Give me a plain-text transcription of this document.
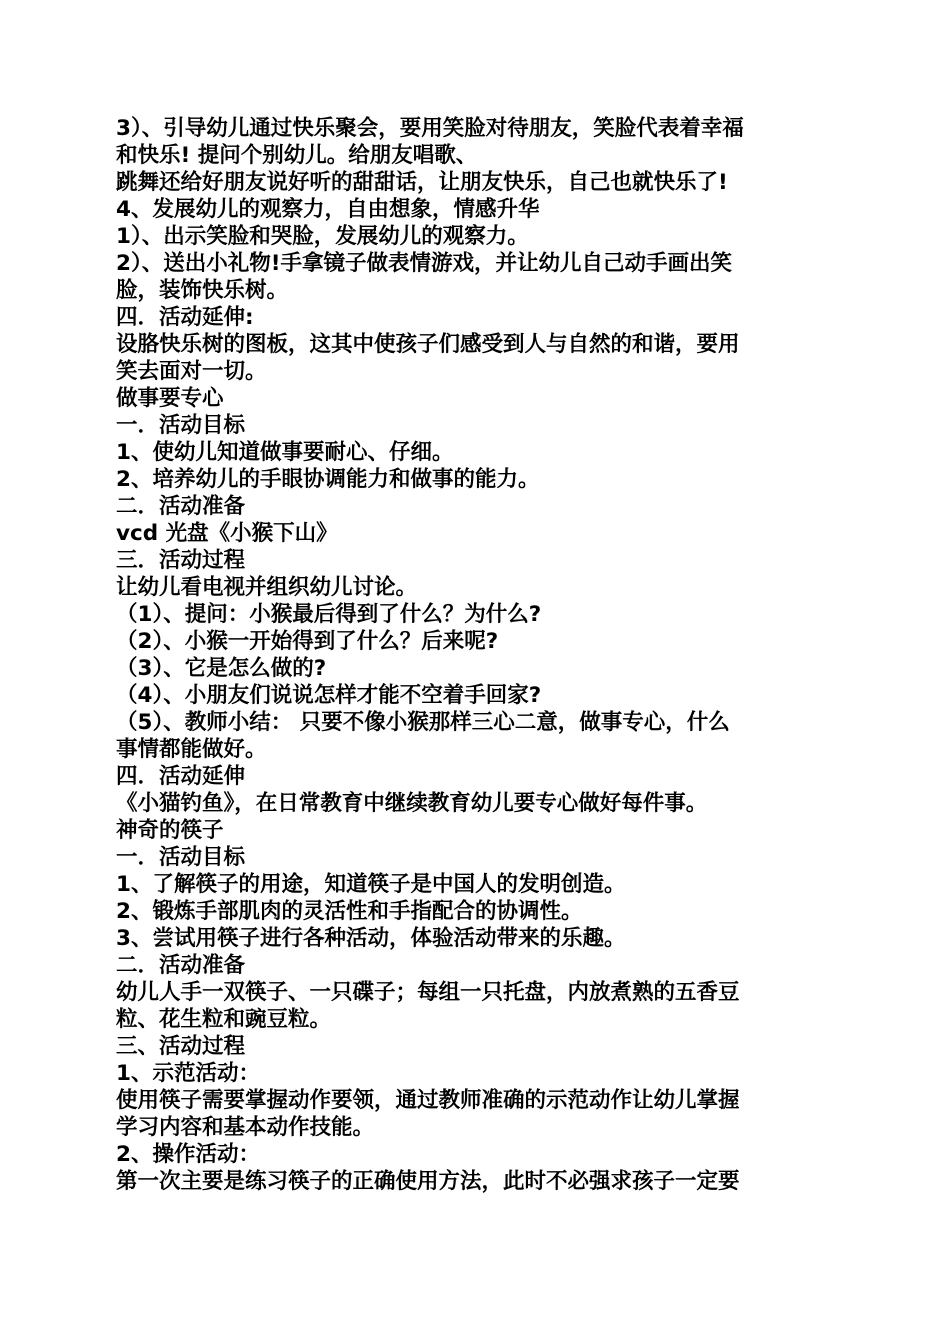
3）、引导幼儿通过快乐聚会，要用笑脸对待朋友，笑脸代表着幸福
和快乐! 提问个别幼儿。给朋友唱歌、
跳舞还给好朋友说好听的甜甜话，让朋友快乐，自己也就快乐了!
4、发展幼儿的观察力，自由想象，情感升华
1）、出示笑脸和哭脸，发展幼儿的观察力。
2）、送出小礼物!手拿镜子做表情游戏，并让幼儿自己动手画出笑
脸，装饰快乐树。
四．活动延伸:
设胳快乐树的图板，这其中使孩子们感受到人与自然的和谐，要用
笑去面对一切。
做事要专心
一．活动目标
1、使幼儿知道做事要耐心、仔细。
2、培养幼儿的手眼协调能力和做事的能力。
二．活动准备
vcd 光盘《小猴下山》
三．活动过程
让幼儿看电视并组织幼儿讨论。
（1）、提问：小猴最后得到了什么？为什么?
（2）、小猴一开始得到了什么？后来呢?
（3）、它是怎么做的?
（4）、小朋友们说说怎样才能不空着手回家?
（5）、教师小结： 只要不像小猴那样三心二意，做事专心，什么
事情都能做好。
四．活动延伸
《小猫钓鱼》，在日常教育中继续教育幼儿要专心做好每件事。
神奇的筷子
一．活动目标
1、了解筷子的用途，知道筷子是中国人的发明创造。
2、锻炼手部肌肉的灵活性和手指配合的协调性。
3、尝试用筷子进行各种活动，体验活动带来的乐趣。
二．活动准备
幼儿人手一双筷子、一只碟子；每组一只托盘，内放煮熟的五香豆
粒、花生粒和豌豆粒。
三、活动过程
1、示范活动：
使用筷子需要掌握动作要领，通过教师准确的示范动作让幼儿掌握
学习内容和基本动作技能。
2、操作活动：
第一次主要是练习筷子的正确使用方法，此时不必强求孩子一定要
